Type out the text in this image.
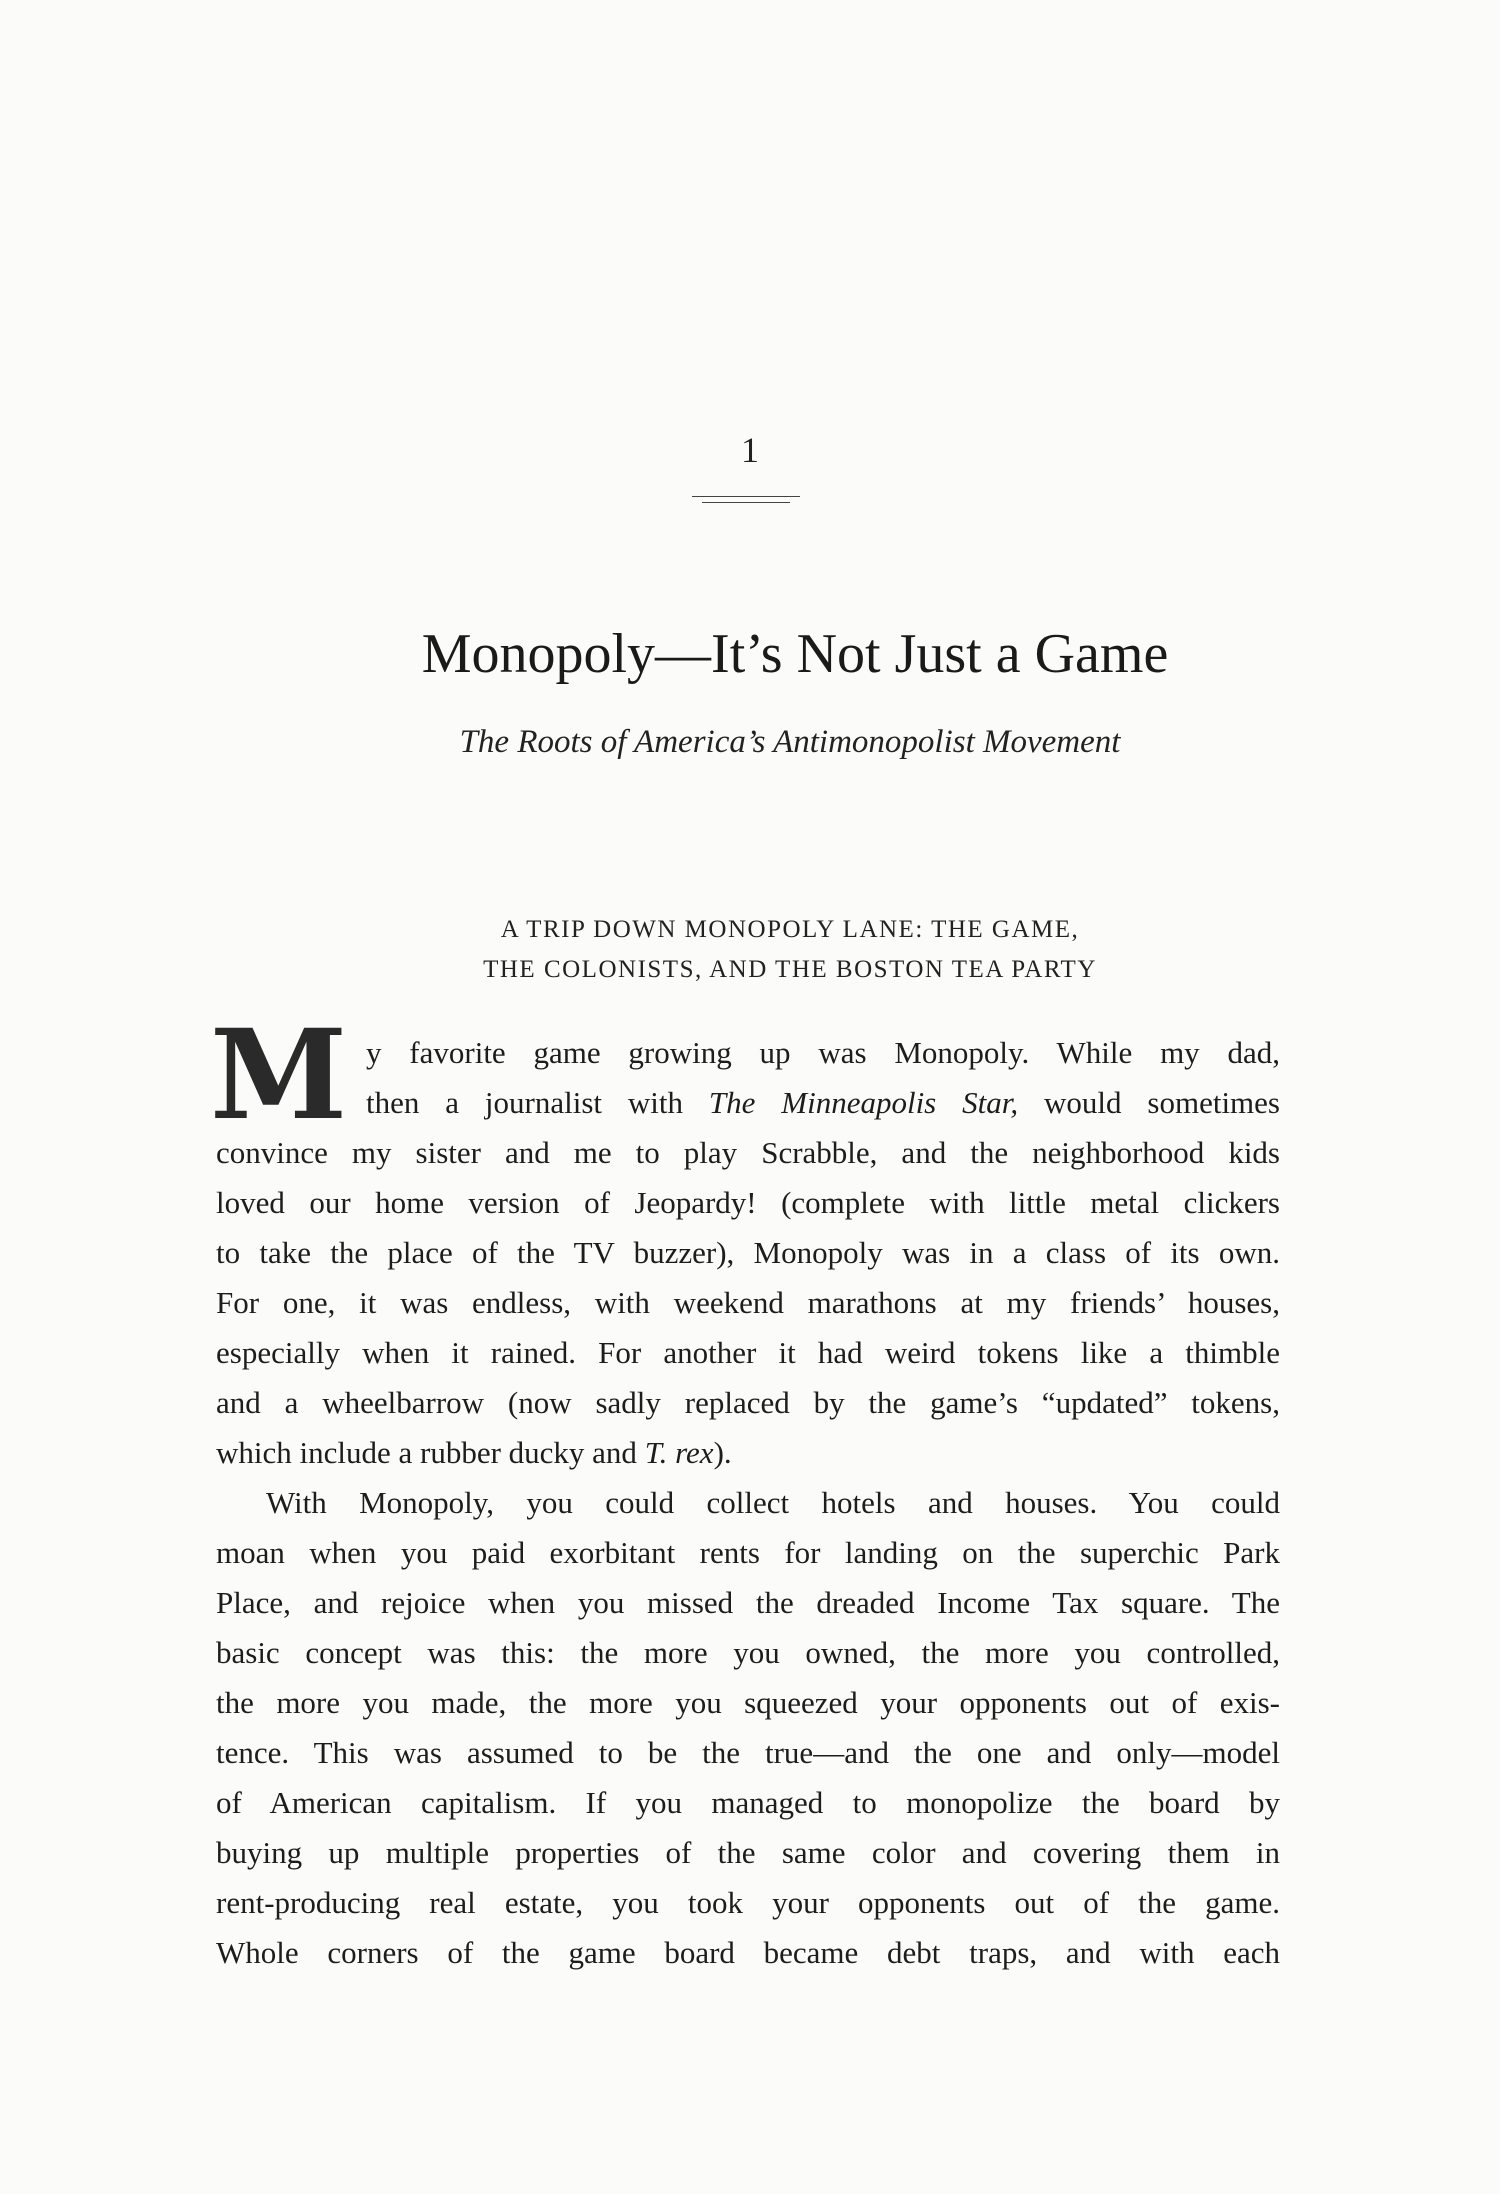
1
Monopoly—It’s Not Just a Game
The Roots of America’s Antimonopolist Movement
A TRIP DOWN MONOPOLY LANE: THE GAME,
THE COLONISTS, AND THE BOSTON TEA PARTY
M y favorite game growing up was Monopoly. While my dad,
then a journalist with The Minneapolis Star, would sometimes
convince my sister and me to play Scrabble, and the neighborhood kids
loved our home version of Jeopardy! (complete with little metal clickers
to take the place of the TV buzzer), Monopoly was in a class of its own.
For one, it was endless, with weekend marathons at my friends’ houses,
especially when it rained. For another it had weird tokens like a thimble
and a wheelbarrow (now sadly replaced by the game’s “updated” tokens,
which include a rubber ducky and T. rex).
With Monopoly, you could collect hotels and houses. You could
moan when you paid exorbitant rents for landing on the superchic Park
Place, and rejoice when you missed the dreaded Income Tax square. The
basic concept was this: the more you owned, the more you controlled,
the more you made, the more you squeezed your opponents out of exis-
tence. This was assumed to be the true—and the one and only—model
of American capitalism. If you managed to monopolize the board by
buying up multiple properties of the same color and covering them in
rent-producing real estate, you took your opponents out of the game.
Whole corners of the game board became debt traps, and with each
